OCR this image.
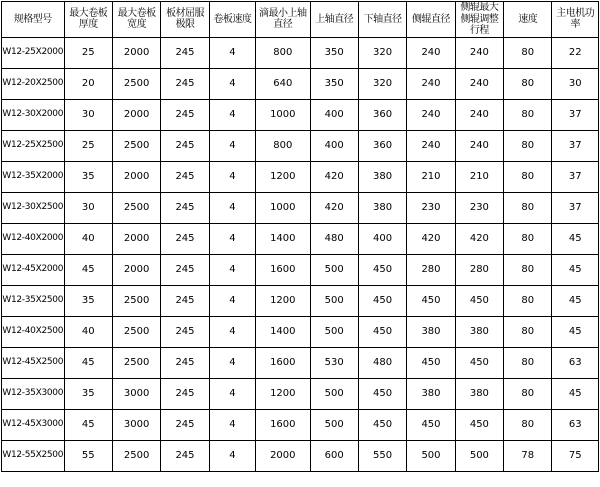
规格型号	最大卷板厚度	最大卷板宽度	板材屈服极限	卷板速度	滴最小上轴直径	上轴直径	下轴直径	侧辊直径	侧辊最大侧辊调整行程	速度	主电机功率
W12-25X2000	25	2000	245	4	800	350	320	240	240	80	22
W12-20X2500	20	2500	245	4	640	350	320	240	240	80	30
W12-30X2000	30	2000	245	4	1000	400	360	240	240	80	37
W12-25X2500	25	2500	245	4	800	400	360	240	240	80	37
W12-35X2000	35	2000	245	4	1200	420	380	210	210	80	37
W12-30X2500	30	2500	245	4	1000	420	380	230	230	80	37
W12-40X2000	40	2000	245	4	1400	480	400	420	420	80	45
W12-45X2000	45	2000	245	4	1600	500	450	280	280	80	45
W12-35X2500	35	2500	245	4	1200	500	450	450	450	80	45
W12-40X2500	40	2500	245	4	1400	500	450	380	380	80	45
W12-45X2500	45	2500	245	4	1600	530	480	450	450	80	63
W12-35X3000	35	3000	245	4	1200	500	450	380	380	80	45
W12-45X3000	45	3000	245	4	1600	500	450	450	450	80	63
W12-55X2500	55	2500	245	4	2000	600	550	500	500	78	75
